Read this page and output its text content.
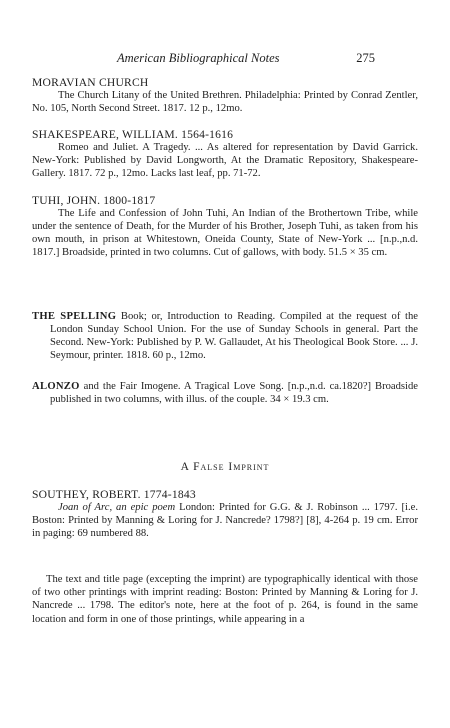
American Bibliographical Notes	275
MORAVIAN CHURCH
The Church Litany of the United Brethren. Philadelphia: Printed by Conrad Zentler, No. 105, North Second Street. 1817. 12 p., 12mo.
SHAKESPEARE, WILLIAM. 1564-1616
Romeo and Juliet. A Tragedy. ... As altered for representation by David Garrick. New-York: Published by David Longworth, At the Dramatic Repository, Shakespeare-Gallery. 1817. 72 p., 12mo. Lacks last leaf, pp. 71-72.
TUHI, JOHN. 1800-1817
The Life and Confession of John Tuhi, An Indian of the Brothertown Tribe, while under the sentence of Death, for the Murder of his Brother, Joseph Tuhi, as taken from his own mouth, in prison at Whitestown, Oneida County, State of New-York ... [n.p.,n.d. 1817.] Broadside, printed in two columns. Cut of gallows, with body. 51.5 × 35 cm.
THE SPELLING Book; or, Introduction to Reading. Compiled at the request of the London Sunday School Union. For the use of Sunday Schools in general. Part the Second. New-York: Published by P. W. Gallaudet, At his Theological Book Store. ... J. Seymour, printer. 1818. 60 p., 12mo.
ALONZO and the Fair Imogene. A Tragical Love Song. [n.p.,n.d. ca.1820?] Broadside published in two columns, with illus. of the couple. 34 × 19.3 cm.
A False Imprint
SOUTHEY, ROBERT. 1774-1843
Joan of Arc, an epic poem London: Printed for G.G. & J. Robinson ... 1797. [i.e. Boston: Printed by Manning & Loring for J. Nancrede? 1798?] [8], 4-264 p. 19 cm. Error in paging: 69 numbered 88.
The text and title page (excepting the imprint) are typographically identical with those of two other printings with imprint reading: Boston: Printed by Manning & Loring for J. Nancrede ... 1798. The editor's note, here at the foot of p. 264, is found in the same location and form in one of those printings, while appearing in a
